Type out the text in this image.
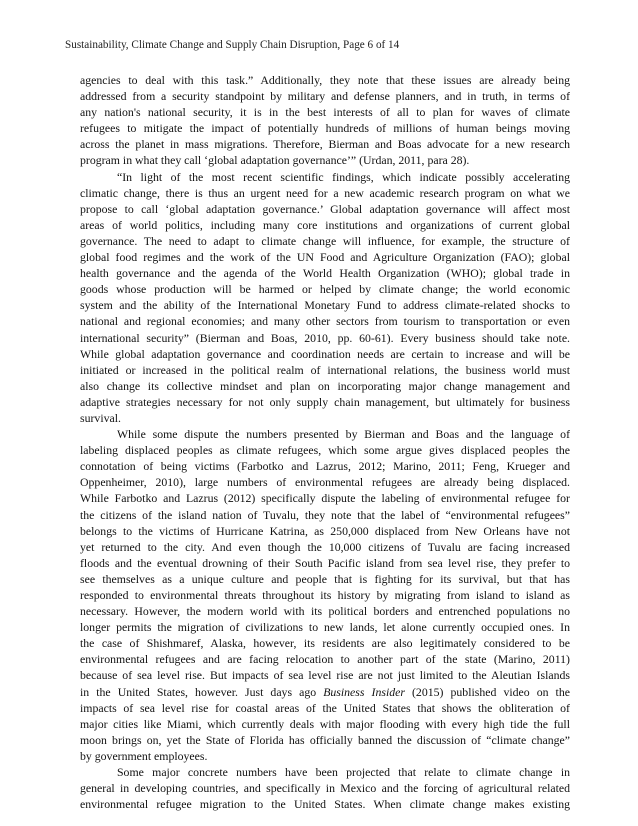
Sustainability, Climate Change and Supply Chain Disruption, Page 6 of 14
agencies to deal with this task.” Additionally, they note that these issues are already being
addressed from a security standpoint by military and defense planners, and in truth, in terms of
any nation's national security, it is in the best interests of all to plan for waves of climate
refugees to mitigate the impact of potentially hundreds of millions of human beings moving
across the planet in mass migrations. Therefore, Bierman and Boas advocate for a new research
program in what they call ‘global adaptation governance’” (Urdan, 2011, para 28).
“In light of the most recent scientific findings, which indicate possibly accelerating
climatic change, there is thus an urgent need for a new academic research program on what we
propose to call ‘global adaptation governance.’ Global adaptation governance will affect most
areas of world politics, including many core institutions and organizations of current global
governance. The need to adapt to climate change will influence, for example, the structure of
global food regimes and the work of the UN Food and Agriculture Organization (FAO); global
health governance and the agenda of the World Health Organization (WHO); global trade in
goods whose production will be harmed or helped by climate change; the world economic
system and the ability of the International Monetary Fund to address climate-related shocks to
national and regional economies; and many other sectors from tourism to transportation or even
international security” (Bierman and Boas, 2010, pp. 60-61). Every business should take note.
While global adaptation governance and coordination needs are certain to increase and will be
initiated or increased in the political realm of international relations, the business world must
also change its collective mindset and plan on incorporating major change management and
adaptive strategies necessary for not only supply chain management, but ultimately for business
survival.
While some dispute the numbers presented by Bierman and Boas and the language of
labeling displaced peoples as climate refugees, which some argue gives displaced peoples the
connotation of being victims (Farbotko and Lazrus, 2012; Marino, 2011; Feng, Krueger and
Oppenheimer, 2010), large numbers of environmental refugees are already being displaced.
While Farbotko and Lazrus (2012) specifically dispute the labeling of environmental refugee for
the citizens of the island nation of Tuvalu, they note that the label of “environmental refugees”
belongs to the victims of Hurricane Katrina, as 250,000 displaced from New Orleans have not
yet returned to the city. And even though the 10,000 citizens of Tuvalu are facing increased
floods and the eventual drowning of their South Pacific island from sea level rise, they prefer to
see themselves as a unique culture and people that is fighting for its survival, but that has
responded to environmental threats throughout its history by migrating from island to island as
necessary. However, the modern world with its political borders and entrenched populations no
longer permits the migration of civilizations to new lands, let alone currently occupied ones. In
the case of Shishmaref, Alaska, however, its residents are also legitimately considered to be
environmental refugees and are facing relocation to another part of the state (Marino, 2011)
because of sea level rise. But impacts of sea level rise are not just limited to the Aleutian Islands
in the United States, however. Just days ago Business Insider (2015) published video on the
impacts of sea level rise for coastal areas of the United States that shows the obliteration of
major cities like Miami, which currently deals with major flooding with every high tide the full
moon brings on, yet the State of Florida has officially banned the discussion of “climate change”
by government employees.
Some major concrete numbers have been projected that relate to climate change in
general in developing countries, and specifically in Mexico and the forcing of agricultural related
environmental refugee migration to the United States. When climate change makes existing
